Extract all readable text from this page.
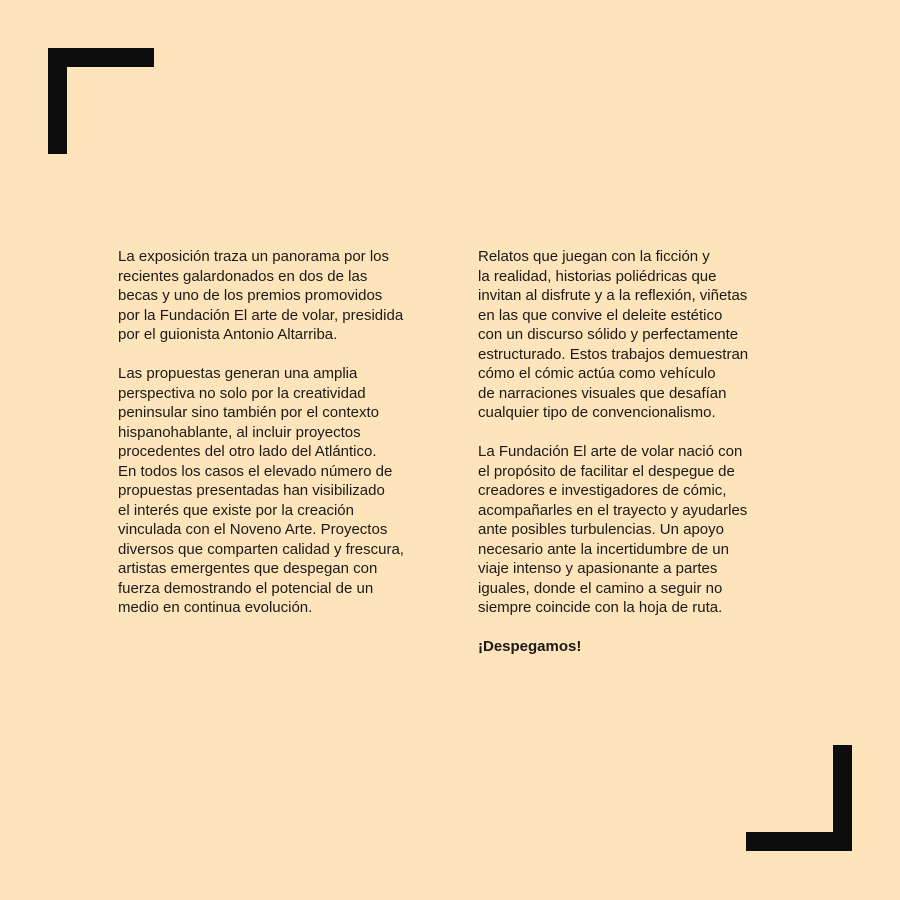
La exposición traza un panorama por los
recientes galardonados en dos de las
becas y uno de los premios promovidos
por la Fundación El arte de volar, presidida
por el guionista Antonio Altarriba.

Las propuestas generan una amplia
perspectiva no solo por la creatividad
peninsular sino también por el contexto
hispanohablante, al incluir proyectos
procedentes del otro lado del Atlántico.
En todos los casos el elevado número de
propuestas presentadas han visibilizado
el interés que existe por la creación
vinculada con el Noveno Arte. Proyectos
diversos que comparten calidad y frescura,
artistas emergentes que despegan con
fuerza demostrando el potencial de un
medio en continua evolución.

Relatos que juegan con la ficción y
la realidad, historias poliédricas que
invitan al disfrute y a la reflexión, viñetas
en las que convive el deleite estético
con un discurso sólido y perfectamente
estructurado. Estos trabajos demuestran
cómo el cómic actúa como vehículo
de narraciones visuales que desafían
cualquier tipo de convencionalismo.

La Fundación El arte de volar nació con
el propósito de facilitar el despegue de
creadores e investigadores de cómic,
acompañarles en el trayecto y ayudarles
ante posibles turbulencias. Un apoyo
necesario ante la incertidumbre de un
viaje intenso y apasionante a partes
iguales, donde el camino a seguir no
siempre coincide con la hoja de ruta.

¡Despegamos!
